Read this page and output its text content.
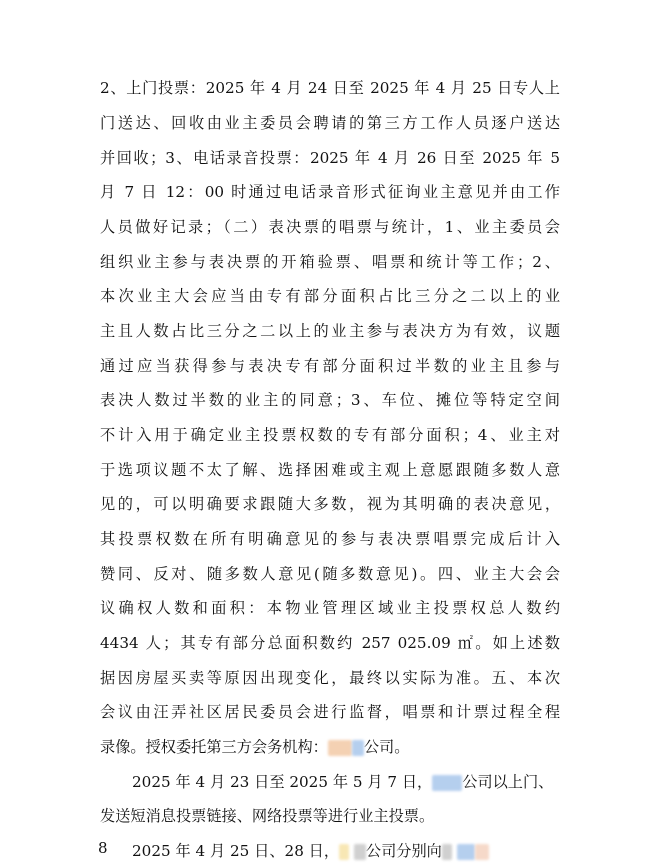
2、上门投票：2025 年 4 月 24 日至 2025 年 4 月 25 日专人上
门送达、回收由业主委员会聘请的第三方工作人员逐户送达
并回收；3、电话录音投票：2025 年 4 月 26 日至 2025 年 5
月 7 日 12：00 时通过电话录音形式征询业主意见并由工作
人员做好记录；（二）表决票的唱票与统计，1、业主委员会
组织业主参与表决票的开箱验票、唱票和统计等工作；2、
本次业主大会应当由专有部分面积占比三分之二以上的业
主且人数占比三分之二以上的业主参与表决方为有效，议题
通过应当获得参与表决专有部分面积过半数的业主且参与
表决人数过半数的业主的同意；3、车位、摊位等特定空间
不计入用于确定业主投票权数的专有部分面积；4、业主对
于选项议题不太了解、选择困难或主观上意愿跟随多数人意
见的，可以明确要求跟随大多数，视为其明确的表决意见，
其投票权数在所有明确意见的参与表决票唱票完成后计入
赞同、反对、随多数人意见(随多数意见)。四、业主大会会
议确权人数和面积：本物业管理区域业主投票权总人数约
4434 人；其专有部分总面积数约 257 025.09 ㎡。如上述数
据因房屋买卖等原因出现变化，最终以实际为准。五、本次
会议由汪弄社区居民委员会进行监督，唱票和计票过程全程
录像。授权委托第三方会务机构： 公司。
2025 年 4 月 23 日至 2025 年 5 月 7 日， 公司以上门、
发送短消息投票链接、网络投票等进行业主投票。
2025 年 4 月 25 日、28 日， 公司分别向
8
